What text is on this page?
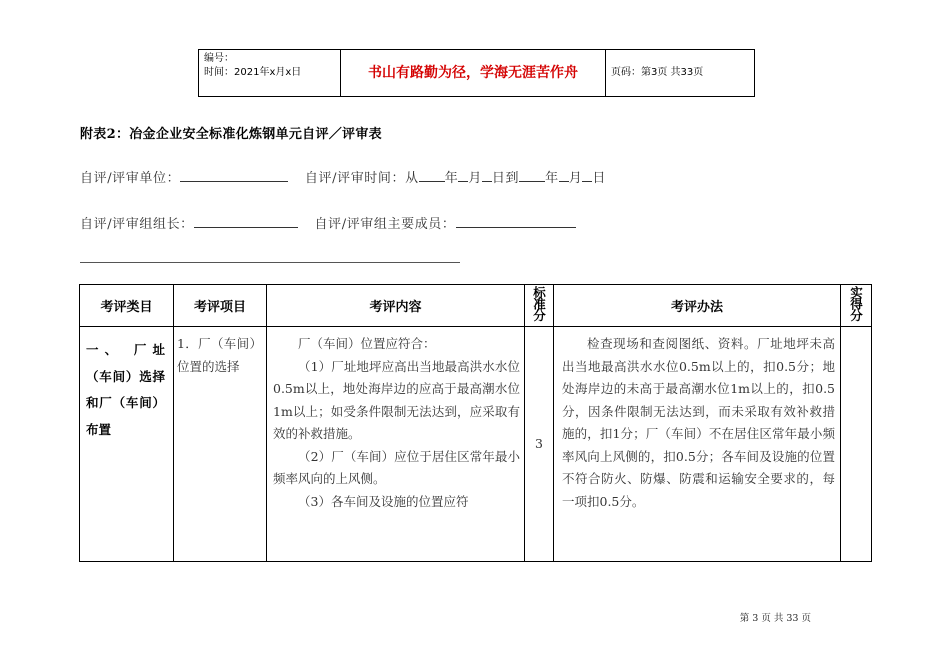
编号：
时间：2021年x月x日	书山有路勤为径，学海无涯苦作舟	页码：第3页 共33页
附表2：冶金企业安全标准化炼钢单元自评／评审表
自评/评审单位：	自评/评审时间：从 年 月 日到 年 月 日
自评/评审组组长：	自评/评审组主要成员：
考评类目	考评项目	考评内容	标准分	考评办法	实得分
一、 厂址（车间）选择和厂（车间）布置	1．厂（车间）位置的选择	厂（车间）位置应符合：

（1）厂址地坪应高出当地最高洪水水位0.5m以上，地处海岸边的应高于最高潮水位1m以上；如受条件限制无法达到，应采取有效的补救措施。

（2）厂（车间）应位于居住区常年最小频率风向的上风侧。

（3）各车间及设施的位置应符	3	检查现场和查阅图纸、资料。厂址地坪未高出当地最高洪水水位0.5m以上的，扣0.5分；地处海岸边的未高于最高潮水位1m以上的，扣0.5分，因条件限制无法达到，而未采取有效补救措施的，扣1分；厂（车间）不在居住区常年最小频率风向上风侧的，扣0.5分；各车间及设施的位置不符合防火、防爆、防震和运输安全要求的，每一项扣0.5分。	

第 3 页 共 33 页
